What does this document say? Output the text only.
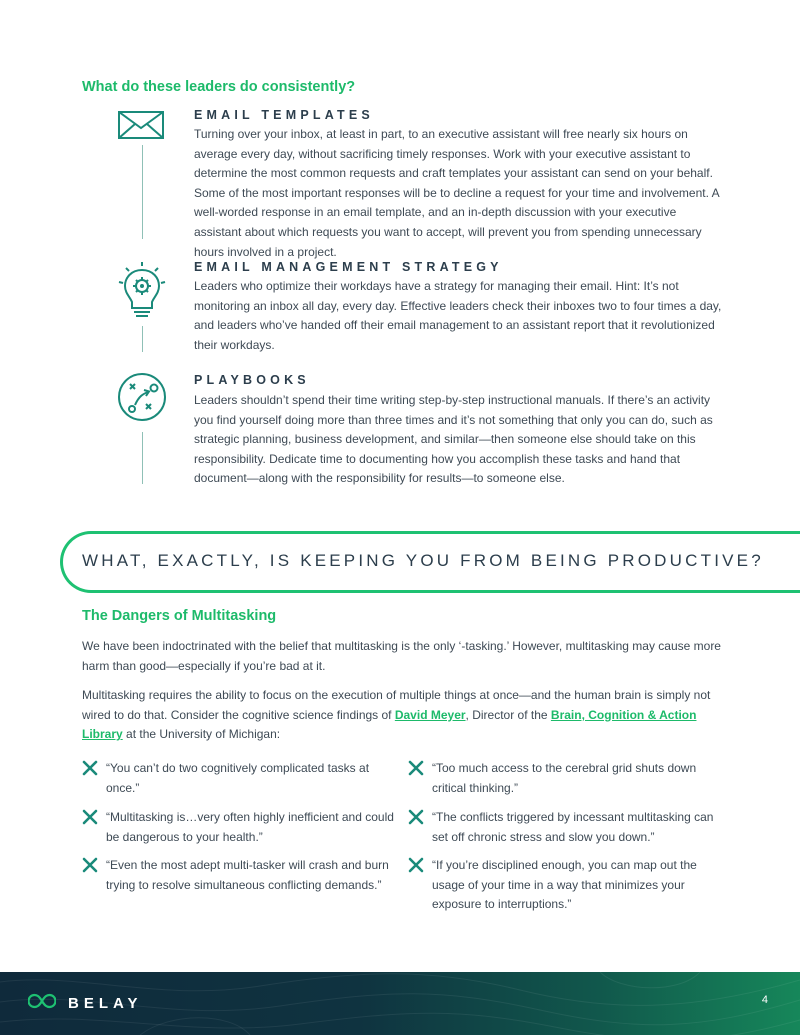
What do these leaders do consistently?
EMAIL TEMPLATES
Turning over your inbox, at least in part, to an executive assistant will free nearly six hours on average every day, without sacrificing timely responses. Work with your executive assistant to determine the most common requests and craft templates your assistant can send on your behalf. Some of the most important responses will be to decline a request for your time and involvement. A well-worded response in an email template, and an in-depth discussion with your executive assistant about which requests you want to accept, will prevent you from spending unnecessary hours involved in a project.
EMAIL MANAGEMENT STRATEGY
Leaders who optimize their workdays have a strategy for managing their email. Hint: It’s not monitoring an inbox all day, every day. Effective leaders check their inboxes two to four times a day, and leaders who’ve handed off their email management to an assistant report that it revolutionized their workdays.
PLAYBOOKS
Leaders shouldn’t spend their time writing step-by-step instructional manuals. If there’s an activity you find yourself doing more than three times and it’s not something that only you can do, such as strategic planning, business development, and similar—then someone else should take on this responsibility. Dedicate time to documenting how you accomplish these tasks and hand that document—along with the responsibility for results—to someone else.
WHAT, EXACTLY, IS KEEPING YOU FROM BEING PRODUCTIVE?
The Dangers of Multitasking
We have been indoctrinated with the belief that multitasking is the only ‘-tasking.’ However, multitasking may cause more harm than good—especially if you’re bad at it.
Multitasking requires the ability to focus on the execution of multiple things at once—and the human brain is simply not wired to do that. Consider the cognitive science findings of David Meyer, Director of the Brain, Cognition & Action Library at the University of Michigan:
“You can’t do two cognitively complicated tasks at once.”
“Too much access to the cerebral grid shuts down critical thinking.”
“Multitasking is…very often highly inefficient and could be dangerous to your health.”
“The conflicts triggered by incessant multitasking can set off chronic stress and slow you down.”
“Even the most adept multi-tasker will crash and burn trying to resolve simultaneous conflicting demands.”
“If you’re disciplined enough, you can map out the usage of your time in a way that minimizes your exposure to interruptions.”
BELAY	4
